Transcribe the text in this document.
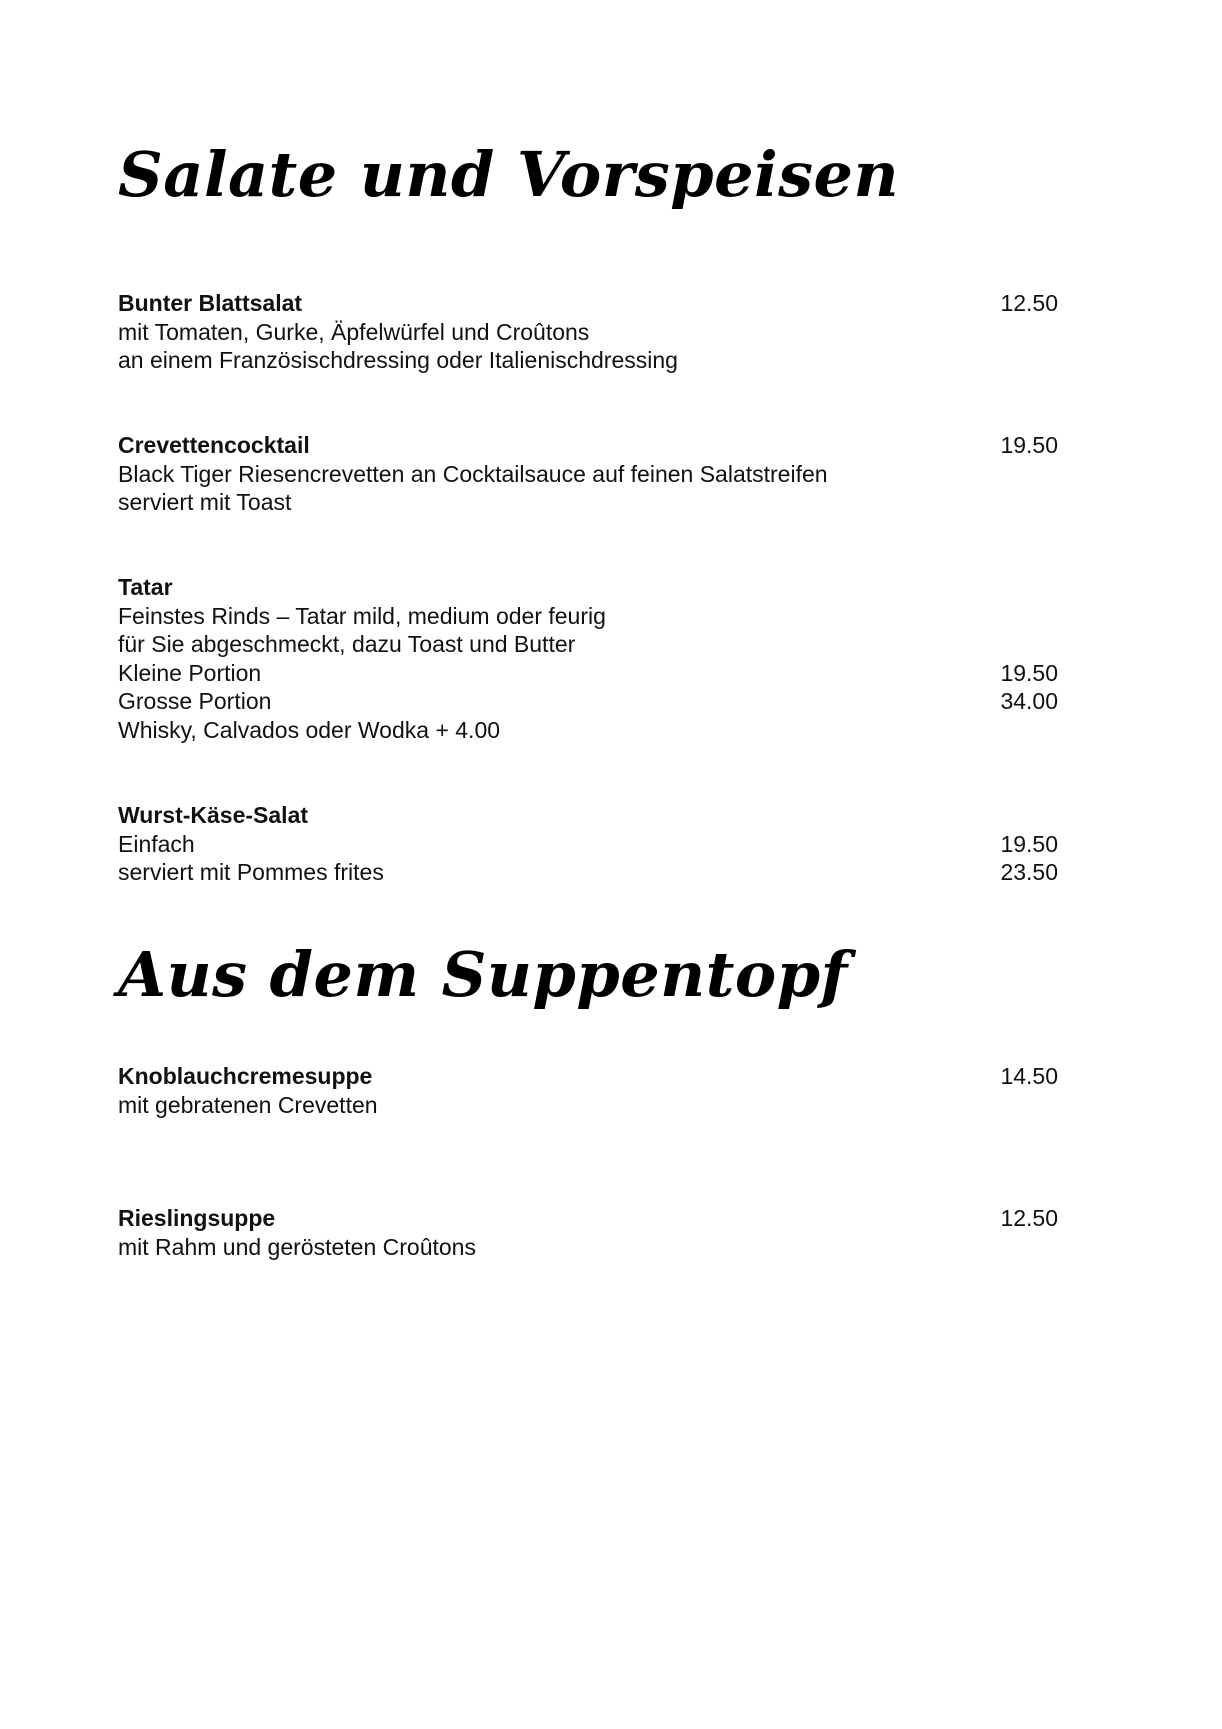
Salate und Vorspeisen
Bunter Blattsalat	12.50
mit Tomaten, Gurke, Äpfelwürfel und Croûtons
an einem Französischdressing oder Italienischdressing
Crevettencocktail	19.50
Black Tiger Riesencrevetten an Cocktailsauce auf feinen Salatstreifen
serviert mit Toast
Tatar
Feinstes Rinds – Tatar mild, medium oder feurig
für Sie abgeschmeckt, dazu Toast und Butter
Kleine Portion	19.50
Grosse Portion	34.00
Whisky, Calvados oder Wodka + 4.00
Wurst-Käse-Salat
Einfach	19.50
serviert mit Pommes frites	23.50
Aus dem Suppentopf
Knoblauchcremesuppe	14.50
mit gebratenen Crevetten
Rieslingsuppe	12.50
mit Rahm und gerösteten Croûtons
